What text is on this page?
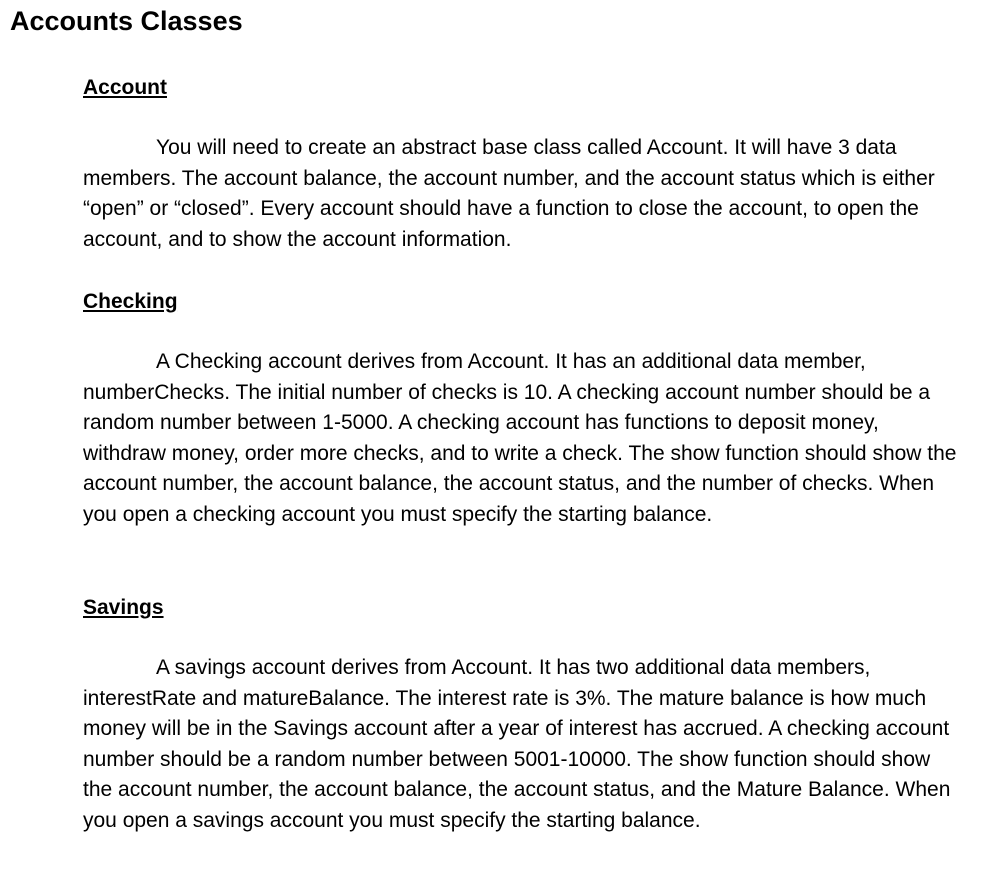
Accounts Classes
Account

You will need to create an abstract base class called Account. It will have 3 data members. The account balance, the account number, and the account status which is either “open” or “closed”. Every account should have a function to close the account, to open the account, and to show the account information.

Checking

A Checking account derives from Account. It has an additional data member, numberChecks. The initial number of checks is 10. A checking account number should be a random number between 1-5000. A checking account has functions to deposit money, withdraw money, order more checks, and to write a check. The show function should show the account number, the account balance, the account status, and the number of checks. When you open a checking account you must specify the starting balance.

Savings

A savings account derives from Account. It has two additional data members, interestRate and matureBalance. The interest rate is 3%. The mature balance is how much money will be in the Savings account after a year of interest has accrued. A checking account number should be a random number between 5001-10000. The show function should show the account number, the account balance, the account status, and the Mature Balance. When you open a savings account you must specify the starting balance.
